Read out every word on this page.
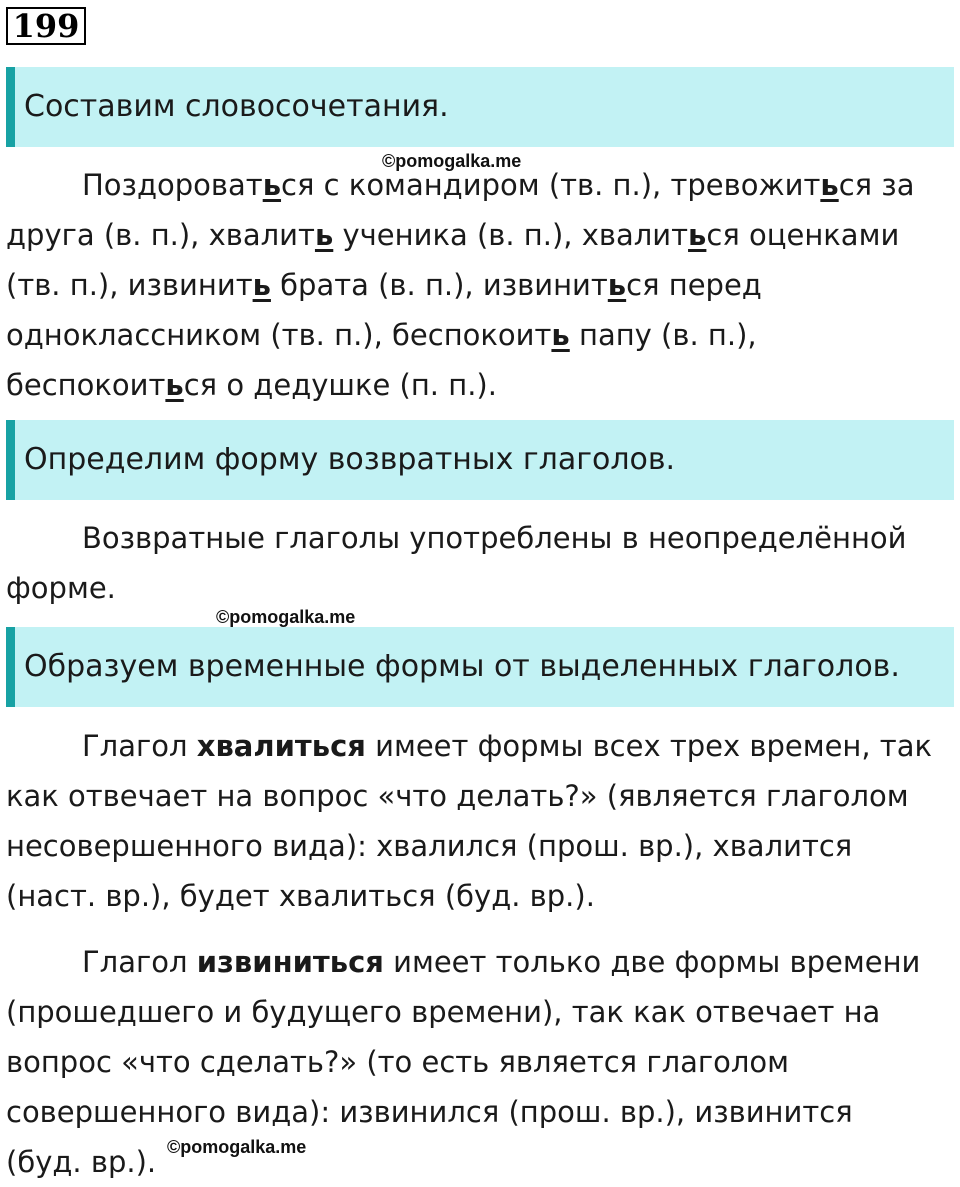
199
Составим словосочетания.
©pomogalka.me
Поздороваться с командиром (тв. п.), тревожиться за
друга (в. п.), хвалить ученика (в. п.), хвалиться оценками
(тв. п.), извинить брата (в. п.), извиниться перед
одноклассником (тв. п.), беспокоить папу (в. п.),
беспокоиться о дедушке (п. п.).
Определим форму возвратных глаголов.
Возвратные глаголы употреблены в неопределённой
форме.
©pomogalka.me
Образуем временные формы от выделенных глаголов.
Глагол хвалиться имеет формы всех трех времен, так
как отвечает на вопрос «что делать?» (является глаголом
несовершенного вида): хвалился (прош. вр.), хвалится
(наст. вр.), будет хвалиться (буд. вр.).
Глагол извиниться имеет только две формы времени
(прошедшего и будущего времени), так как отвечает на
вопрос «что сделать?» (то есть является глаголом
совершенного вида): извинился (прош. вр.), извинится
(буд. вр.). ©pomogalka.me
